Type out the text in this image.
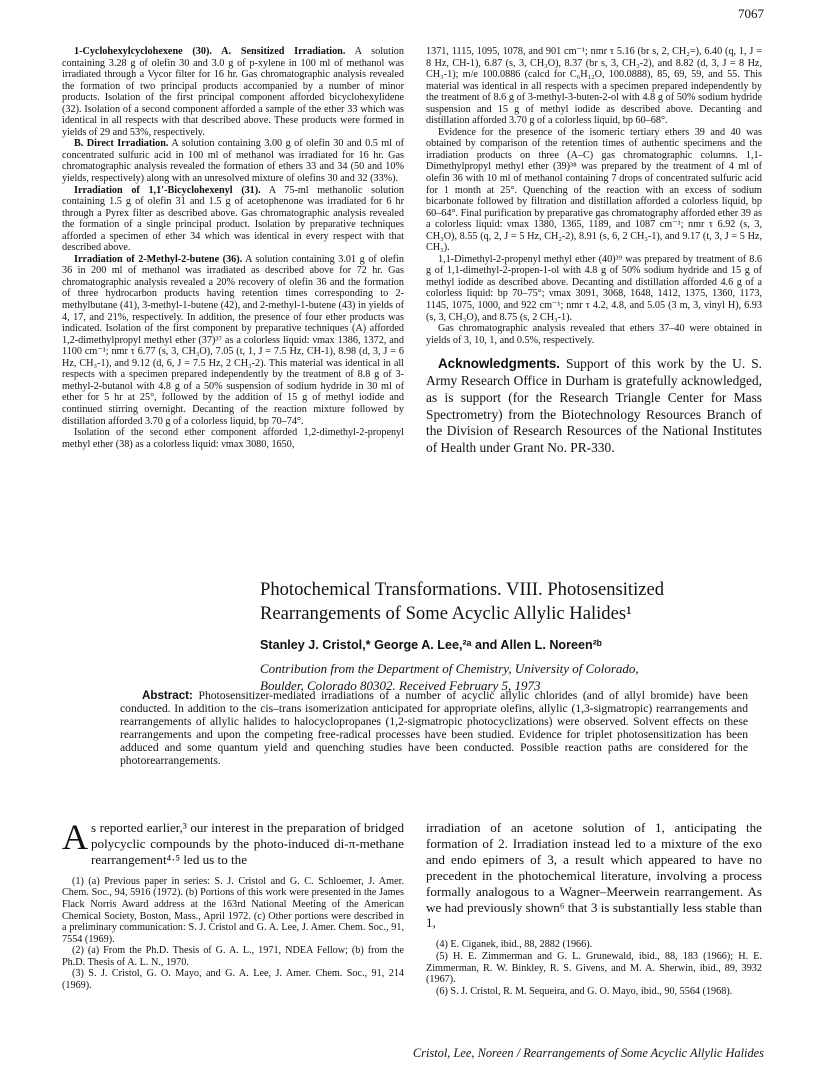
7067

1-Cyclohexylcyclohexene (30). A. Sensitized Irradiation. A solution containing 3.28 g of olefin 30 and 3.0 g of p-xylene in 100 ml of methanol was irradiated through a Vycor filter for 16 hr. Gas chromatographic analysis revealed the formation of two principal products accompanied by a number of minor products. Isolation of the first principal component afforded bicyclohexylidene (32). Isolation of a second component afforded a sample of the ether 33 which was identical in all respects with that described above. These products were formed in yields of 29 and 53%, respectively.

B. Direct Irradiation. A solution containing 3.00 g of olefin 30 and 0.5 ml of concentrated sulfuric acid in 100 ml of methanol was irradiated for 16 hr. Gas chromatographic analysis revealed the formation of ethers 33 and 34 (50 and 10% yields, respectively) along with an unresolved mixture of olefins 30 and 32 (33%).

Irradiation of 1,1′-Bicyclohexenyl (31). A 75-ml methanolic solution containing 1.5 g of olefin 31 and 1.5 g of acetophenone was irradiated for 6 hr through a Pyrex filter as described above. Gas chromatographic analysis revealed the formation of a single principal product. Isolation by preparative techniques afforded a specimen of ether 34 which was identical in every respect with that described above.

Irradiation of 2-Methyl-2-butene (36). A solution containing 3.01 g of olefin 36 in 200 ml of methanol was irradiated as described above for 72 hr. Gas chromatographic analysis revealed a 20% recovery of olefin 36 and the formation of three hydrocarbon products having retention times corresponding to 2-methylbutane (41), 3-methyl-1-butene (42), and 2-methyl-1-butene (43) in yields of 4, 17, and 21%, respectively. In addition, the presence of four ether products was indicated. Isolation of the first component by preparative techniques (A) afforded 1,2-dimethylpropyl methyl ether (37)³⁷ as a colorless liquid: νmax 1386, 1372, and 1100 cm⁻¹; nmr τ 6.77 (s, 3, CH₃O), 7.05 (t, 1, J = 7.5 Hz, CH-1), 8.98 (d, 3, J = 6 Hz, CH₃-1), and 9.12 (d, 6, J = 7.5 Hz, 2 CH₃-2). This material was identical in all respects with a specimen prepared independently by the treatment of 8.8 g of 3-methyl-2-butanol with 4.8 g of a 50% suspension of sodium hydride in 30 ml of ether for 5 hr at 25°, followed by the addition of 15 g of methyl iodide and continued stirring overnight. Decanting of the reaction mixture followed by distillation afforded 3.70 g of a colorless liquid, bp 70–74°.

Isolation of the second ether component afforded 1,2-dimethyl-2-propenyl methyl ether (38) as a colorless liquid: νmax 3080, 1650,

1371, 1115, 1095, 1078, and 901 cm⁻¹; nmr τ 5.16 (br s, 2, CH₂=), 6.40 (q, 1, J = 8 Hz, CH-1), 6.87 (s, 3, CH₃O), 8.37 (br s, 3, CH₃-2), and 8.82 (d, 3, J = 8 Hz, CH₃-1); m/e 100.0886 (calcd for C₆H₁₂O, 100.0888), 85, 69, 59, and 55. This material was identical in all respects with a specimen prepared independently by the treatment of 8.6 g of 3-methyl-3-buten-2-ol with 4.8 g of 50% sodium hydride suspension and 15 g of methyl iodide as described above. Decanting and distillation afforded 3.70 g of a colorless liquid, bp 60–68°.

Evidence for the presence of the isomeric tertiary ethers 39 and 40 was obtained by comparison of the retention times of authentic specimens and the irradiation products on three (A–C) gas chromatographic columns. 1,1-Dimethylpropyl methyl ether (39)³⁸ was prepared by the treatment of 4 ml of olefin 36 with 10 ml of methanol containing 7 drops of concentrated sulfuric acid for 1 month at 25°. Quenching of the reaction with an excess of sodium bicarbonate followed by filtration and distillation afforded a colorless liquid, bp 60–64°. Final purification by preparative gas chromatography afforded ether 39 as a colorless liquid: νmax 1380, 1365, 1189, and 1087 cm⁻¹; nmr τ 6.92 (s, 3, CH₃O), 8.55 (q, 2, J = 5 Hz, CH₂-2), 8.91 (s, 6, 2 CH₃-1), and 9.17 (t, 3, J = 5 Hz, CH₃).

1,1-Dimethyl-2-propenyl methyl ether (40)³⁹ was prepared by treatment of 8.6 g of 1,1-dimethyl-2-propen-1-ol with 4.8 g of 50% sodium hydride and 15 g of methyl iodide as described above. Decanting and distillation afforded 4.6 g of a colorless liquid: bp 70–75°; νmax 3091, 3068, 1648, 1412, 1375, 1360, 1173, 1145, 1075, 1000, and 922 cm⁻¹; nmr τ 4.2, 4.8, and 5.05 (3 m, 3, vinyl H), 6.93 (s, 3, CH₃O), and 8.75 (s, 2 CH₃-1).

Gas chromatographic analysis revealed that ethers 37–40 were obtained in yields of 3, 10, 1, and 0.5%, respectively.

Acknowledgments. Support of this work by the U. S. Army Research Office in Durham is gratefully acknowledged, as is support (for the Research Triangle Center for Mass Spectrometry) from the Biotechnology Resources Branch of the Division of Research Resources of the National Institutes of Health under Grant No. PR-330.

Photochemical Transformations. VIII. Photosensitized

Rearrangements of Some Acyclic Allylic Halides¹

Stanley J. Cristol,* George A. Lee,²ᵃ and Allen L. Noreen²ᵇ

Contribution from the Department of Chemistry, University of Colorado,
Boulder, Colorado 80302. Received February 5, 1973

Abstract: Photosensitizer-mediated irradiations of a number of acyclic allylic chlorides (and of allyl bromide) have been conducted. In addition to the cis–trans isomerization anticipated for appropriate olefins, allylic (1,3-sigmatropic) rearrangements and rearrangements of allylic halides to halocyclopropanes (1,2-sigmatropic photocyclizations) were observed. Solvent effects on these rearrangements and upon the competing free-radical processes have been studied. Evidence for triplet photosensitization has been adduced and some quantum yield and quenching studies have been conducted. Possible reaction paths are considered for the photorearrangements.

As reported earlier,³ our interest in the preparation of bridged polycyclic compounds by the photo-induced di-π-methane rearrangement⁴·⁵ led us to the

(1) (a) Previous paper in series: S. J. Cristol and G. C. Schloemer, J. Amer. Chem. Soc., 94, 5916 (1972). (b) Portions of this work were presented in the James Flack Norris Award address at the 163rd National Meeting of the American Chemical Society, Boston, Mass., April 1972. (c) Other portions were described in a preliminary communication: S. J. Cristol and G. A. Lee, J. Amer. Chem. Soc., 91, 7554 (1969).

(2) (a) From the Ph.D. Thesis of G. A. L., 1971, NDEA Fellow; (b) from the Ph.D. Thesis of A. L. N., 1970.

(3) S. J. Cristol, G. O. Mayo, and G. A. Lee, J. Amer. Chem. Soc., 91, 214 (1969).

irradiation of an acetone solution of 1, anticipating the formation of 2. Irradiation instead led to a mixture of the exo and endo epimers of 3, a result which appeared to have no precedent in the photochemical literature, involving a process formally analogous to a Wagner–Meerwein rearrangement. As we had previously shown⁶ that 3 is substantially less stable than 1,

(4) E. Ciganek, ibid., 88, 2882 (1966).

(5) H. E. Zimmerman and G. L. Grunewald, ibid., 88, 183 (1966); H. E. Zimmerman, R. W. Binkley, R. S. Givens, and M. A. Sherwin, ibid., 89, 3932 (1967).

(6) S. J. Cristol, R. M. Sequeira, and G. O. Mayo, ibid., 90, 5564 (1968).

Cristol, Lee, Noreen / Rearrangements of Some Acyclic Allylic Halides
